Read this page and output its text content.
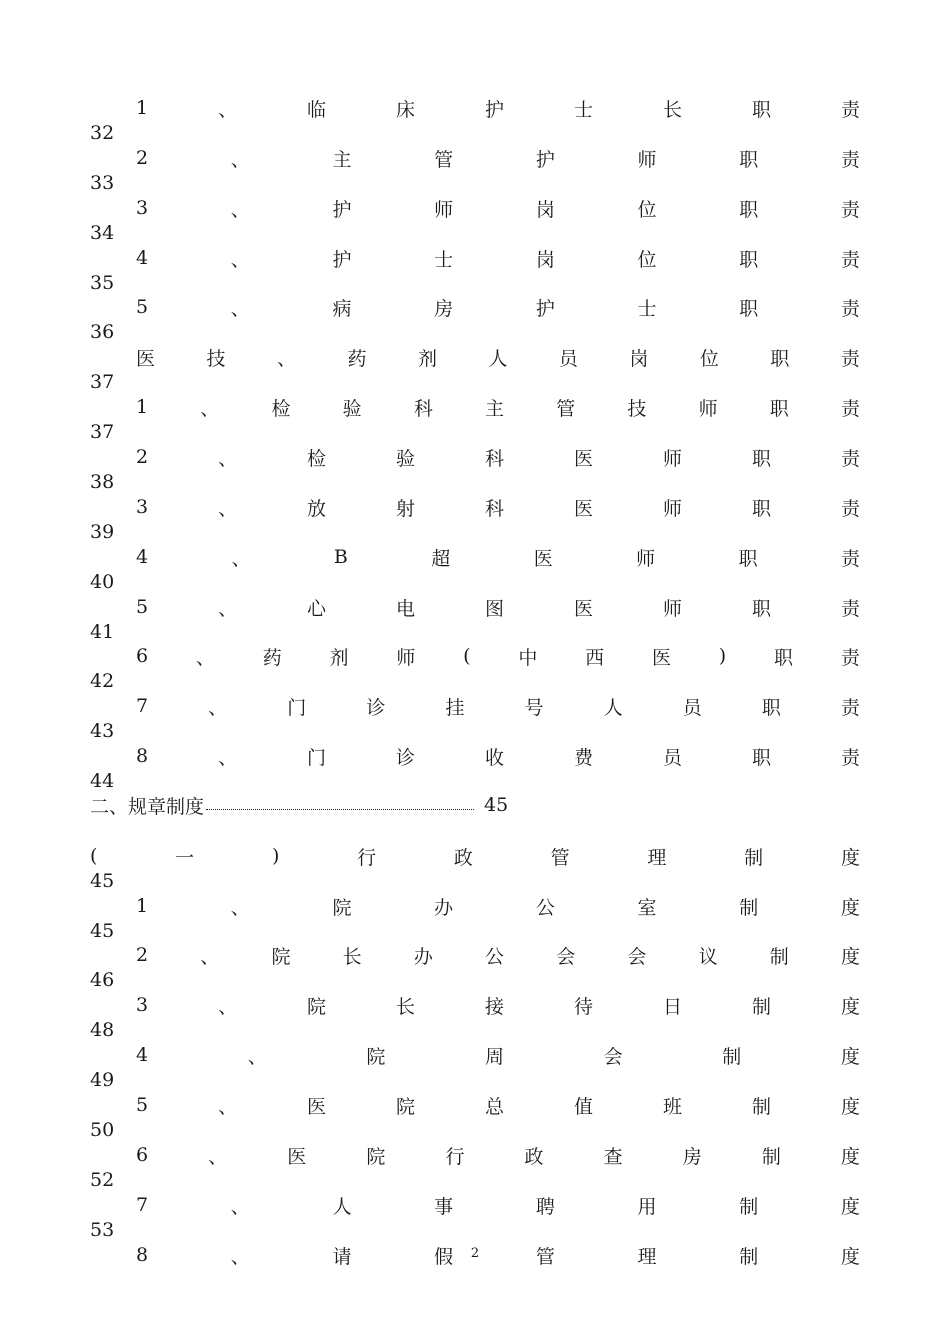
1	、	临	床	护	士	长	职	责
32
2	、	主	管	护	师	职	责
33
3	、	护	师	岗	位	职	责
34
4	、	护	士	岗	位	职	责
35
5	、	病	房	护	士	职	责
36
医	技	、	药	剂	人	员	岗	位	职	责
37
1	、	检	验	科	主	管	技	师	职	责
37
2	、	检	验	科	医	师	职	责
38
3	、	放	射	科	医	师	职	责
39
4	、	B	超	医	师	职	责
40
5	、	心	电	图	医	师	职	责
41
6	、	药	剂	师	(	中	西	医	)	职	责
42
7	、	门	诊	挂	号	人	员	职	责
43
8	、	门	诊	收	费	员	职	责
44
二、规章制度	45
(	一	)	行	政	管	理	制	度
45
1	、	院	办	公	室	制	度
45
2	、	院	长	办	公	会	会	议	制	度
46
3	、	院	长	接	待	日	制	度
48
4	、	院	周	会	制	度
49
5	、	医	院	总	值	班	制	度
50
6	、	医	院	行	政	查	房	制	度
52
7	、	人	事	聘	用	制	度
53
8	、	请	假	管	理	制	度
2
